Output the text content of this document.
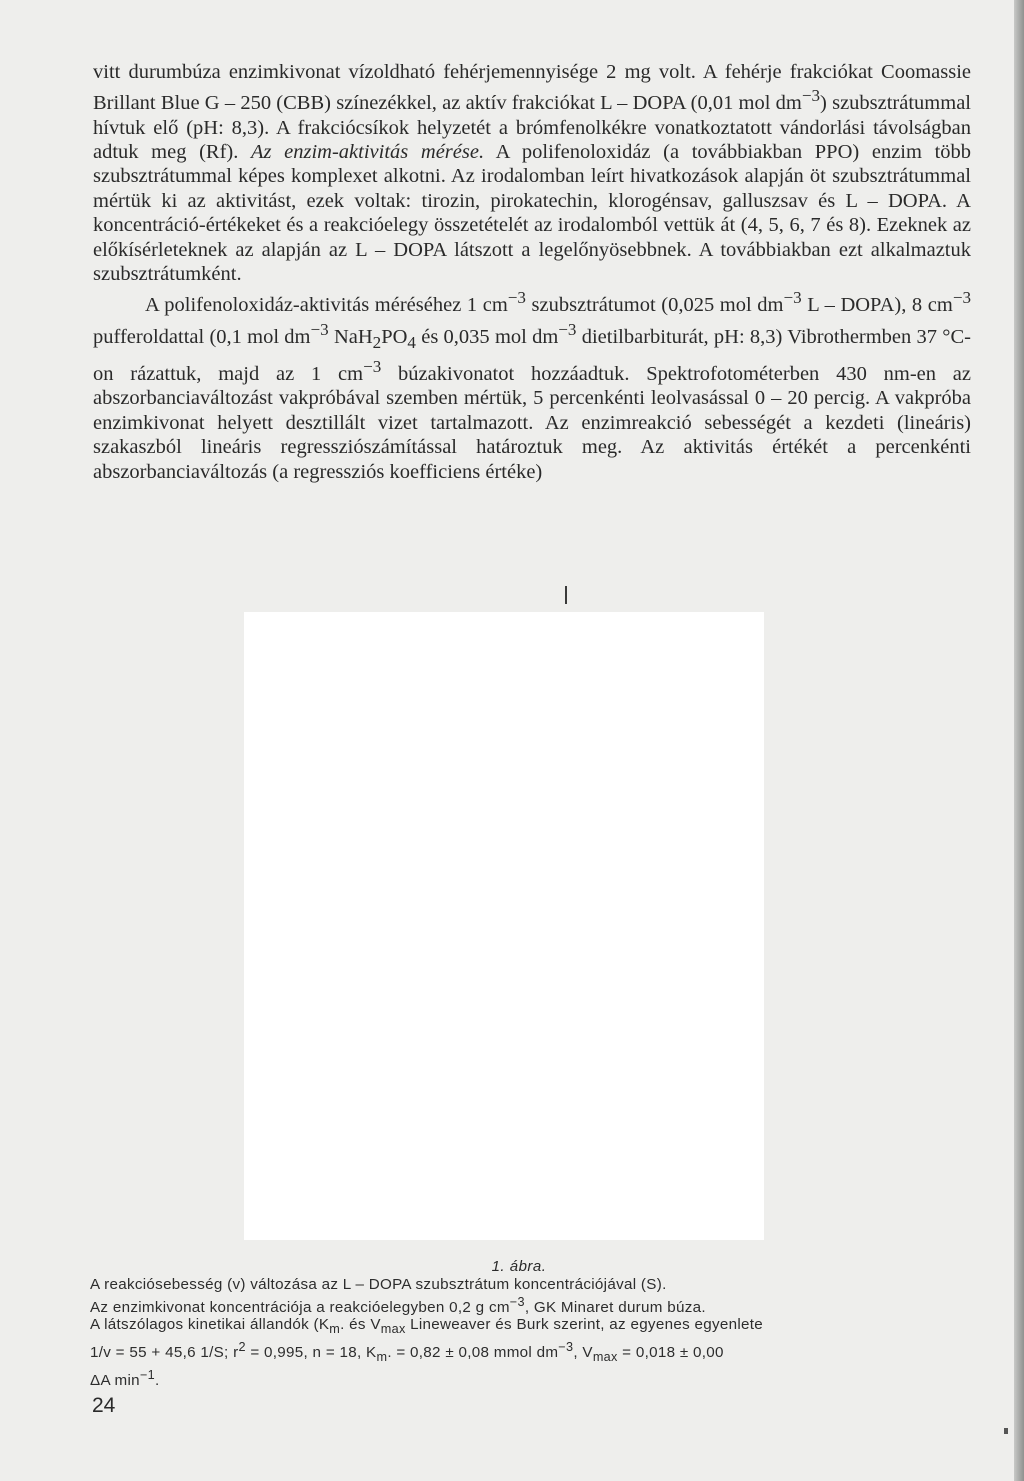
vitt durumbúza enzimkivonat vízoldható fehérjemennyisége 2 mg volt. A fehérje frakciókat Coomassie Brillant Blue G – 250 (CBB) színezékkel, az aktív frakciókat L – DOPA (0,01 mol $dm^{-3}$) szubsztrátummal hívtuk elő (pH: 8,3). A frakciócsíkok helyzetét a brómfenolkékre vonatkoztatott vándorlási távolságban adtuk meg (Rf). Az enzim-aktivitás mérése. A polifenoloxidáz (a továbbiakban PPO) enzim több szubsztrátummal képes komplexet alkotni. Az irodalomban leírt hivatkozások alapján öt szubsztrátummal mértük ki az aktivitást, ezek voltak: tirozin, pirokatechin, klorogénsav, galluszsav és L – DOPA. A koncentráció-értékeket és a reakcióelegy összetételét az irodalomból vettük át (4, 5, 6, 7 és 8). Ezeknek az előkísérleteknek az alapján az L – DOPA látszott a legelőnyösebbnek. A továbbiakban ezt alkalmaztuk szubsztrátumként.

A polifenoloxidáz-aktivitás méréséhez 1 $cm^{-3}$ szubsztrátumot (0,025 mol $dm^{-3}$ L – DOPA), 8 $cm^{-3}$ pufferoldattal (0,1 mol $dm^{-3}$ $NaH_2PO_4$ és 0,035 mol $dm^{-3}$ dietilbarbiturát, pH: 8,3) Vibrothermben 37 °C-on rázattuk, majd az 1 $cm^{-3}$ búzakivonatot hozzáadtuk. Spektrofotométerben 430 nm-en az abszorbanciaváltozást vakpróbával szemben mértük, 5 percenkénti leolvasással 0 – 20 percig. A vakpróba enzimkivonat helyett desztillált vizet tartalmazott. Az enzimreakció sebességét a kezdeti (lineáris) szakaszból lineáris regressziószámítással határoztuk meg. Az aktivitás értékét a percenkénti abszorbanciaváltozás (a regressziós koefficiens értéke)

1. ábra.
A reakciósebesség (v) változása az L – DOPA szubsztrátum koncentrációjával (S).
Az enzimkivonat koncentrációja a reakcióelegyben 0,2 g $cm^{-3}$, GK Minaret durum búza.
A látszólagos kinetikai állandók ($K_m$. és $V_{max}$ Lineweaver és Burk szerint, az egyenes egyenlete
1/v = 55 + 45,6 1/S; $r^2 = 0,995$, n = 18, $K_m$. = 0,82 ± 0,08 mmol $dm^{-3}$, $V_{max} = 0,018 \pm 0,00$
ΔA $\min^{-1}$.
24
